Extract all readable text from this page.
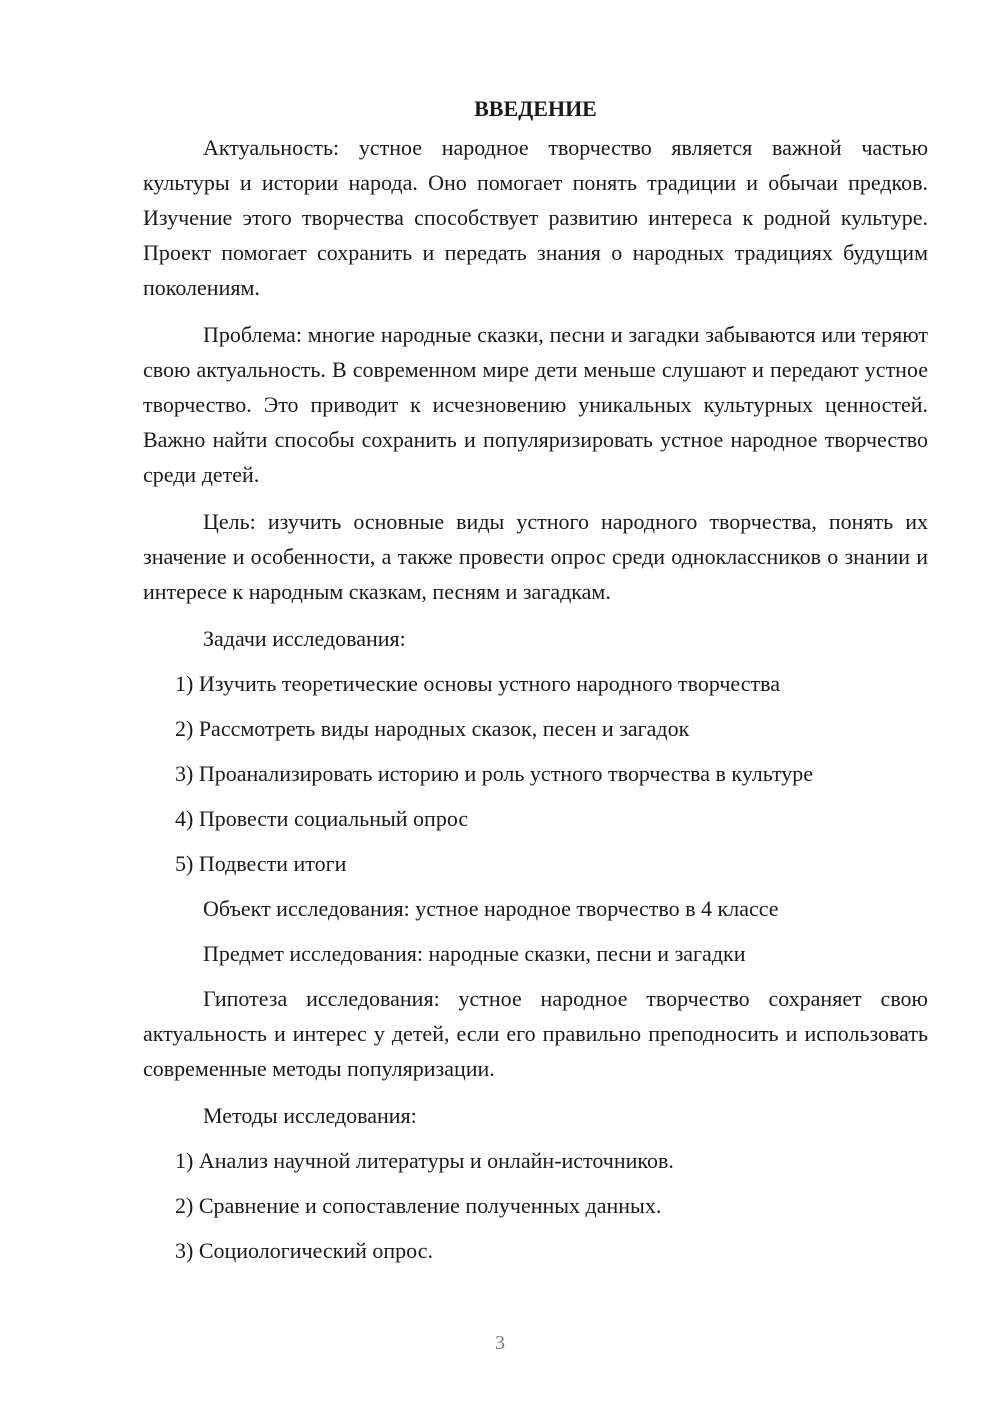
ВВЕДЕНИЕ

Актуальность: устное народное творчество является важной частью культуры и истории народа. Оно помогает понять традиции и обычаи предков. Изучение этого творчества способствует развитию интереса к родной культуре. Проект помогает сохранить и передать знания о народных традициях будущим поколениям.

Проблема: многие народные сказки, песни и загадки забываются или теряют свою актуальность. В современном мире дети меньше слушают и передают устное творчество. Это приводит к исчезновению уникальных культурных ценностей. Важно найти способы сохранить и популяризировать устное народное творчество среди детей.

Цель: изучить основные виды устного народного творчества, понять их значение и особенности, а также провести опрос среди одноклассников о знании и интересе к народным сказкам, песням и загадкам.

Задачи исследования:
1) Изучить теоретические основы устного народного творчества
2) Рассмотреть виды народных сказок, песен и загадок
3) Проанализировать историю и роль устного творчества в культуре
4) Провести социальный опрос
5) Подвести итоги
Объект исследования: устное народное творчество в 4 классе
Предмет исследования: народные сказки, песни и загадки

Гипотеза исследования: устное народное творчество сохраняет свою актуальность и интерес у детей, если его правильно преподносить и использовать современные методы популяризации.

Методы исследования:
1) Анализ научной литературы и онлайн-источников.
2) Сравнение и сопоставление полученных данных.
3) Социологический опрос.
3
